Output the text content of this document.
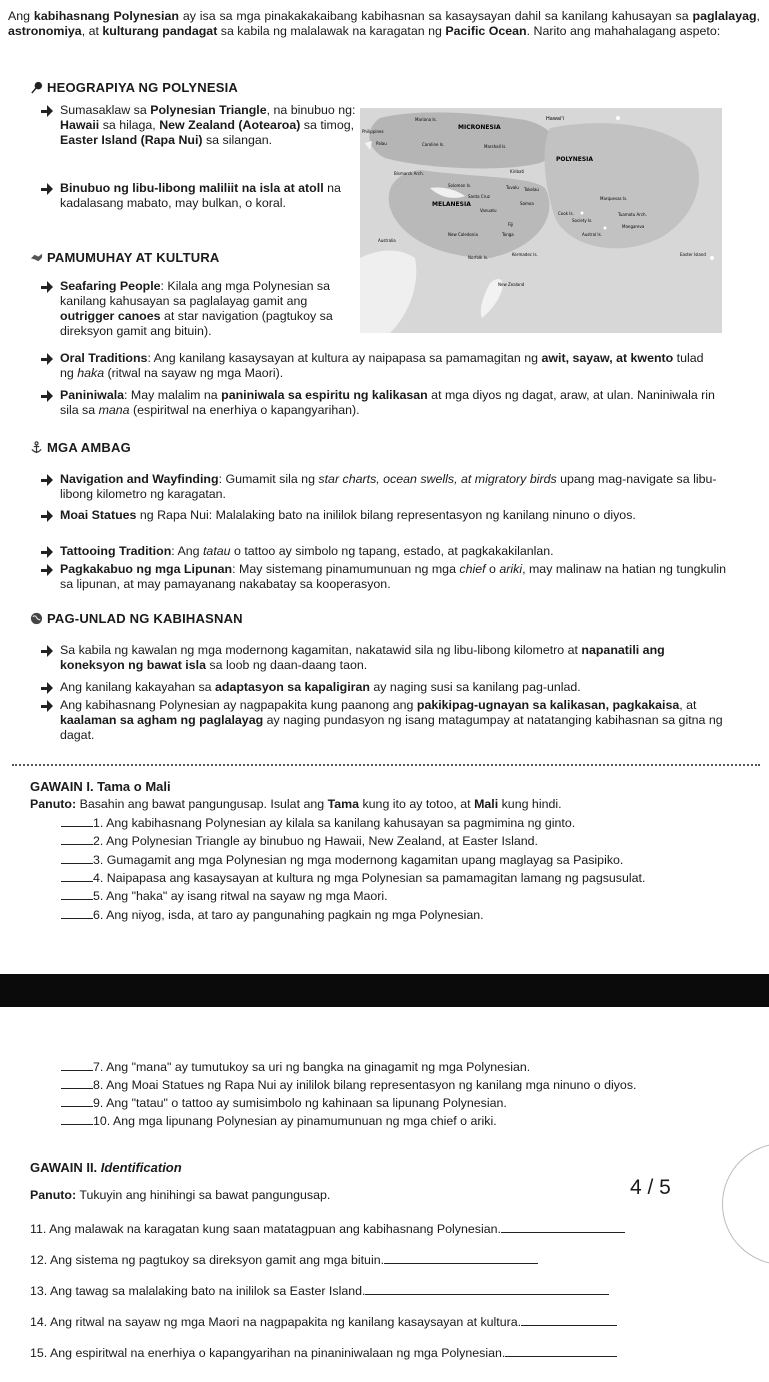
Ang kabihasnang Polynesian ay isa sa mga pinakakakaibang kabihasnan sa kasaysayan dahil sa kanilang kahusayan sa paglalayag, astronomiya, at kulturang pandagat sa kabila ng malalawak na karagatan ng Pacific Ocean. Narito ang mahahalagang aspeto:
HEOGRAPIYA NG POLYNESIA
Sumasaklaw sa Polynesian Triangle, na binubuo ng: Hawaii sa hilaga, New Zealand (Aotearoa) sa timog, Easter Island (Rapa Nui) sa silangan.
Binubuo ng libu-libong maliliit na isla at atoll na kadalasang mabato, may bulkan, o koral.
Hawai'i
MICRONESIA
Mariana Is.
Philippines
Caroline Is.	Marshall Is.
Palau
Kiribati
POLYNESIA
Bismarck Arch.
Solomon Is.	Tuvalu Tokelau
MELANESIA
Santa Cruz
Vanuatu
Samoa
Marquesas Is.
Tuamotu Arch.
Fiji
Society Is.
Cook Is.
Mangareva
Australia
New Caledonia	Tonga	Austral Is.
Norfolk Is.
Kermadec Is.	Easter Island
New Zealand
PAMUMUHAY AT KULTURA
Seafaring People: Kilala ang mga Polynesian sa kanilang kahusayan sa paglalayag gamit ang outrigger canoes at star navigation (pagtukoy sa direksyon gamit ang bituin).
Oral Traditions: Ang kanilang kasaysayan at kultura ay naipapasa sa pamamagitan ng awit, sayaw, at kwento tulad ng haka (ritwal na sayaw ng mga Maori).
Paniniwala: May malalim na paniniwala sa espiritu ng kalikasan at mga diyos ng dagat, araw, at ulan. Naniniwala rin sila sa mana (espiritwal na enerhiya o kapangyarihan).
MGA AMBAG
Navigation and Wayfinding: Gumamit sila ng star charts, ocean swells, at migratory birds upang mag-navigate sa libu-libong kilometro ng karagatan.
Moai Statues ng Rapa Nui: Malalaking bato na inililok bilang representasyon ng kanilang ninuno o diyos.
Tattooing Tradition: Ang tatau o tattoo ay simbolo ng tapang, estado, at pagkakakilanlan.
Pagkakabuo ng mga Lipunan: May sistemang pinamumunuan ng mga chief o ariki, may malinaw na hatian ng tungkulin sa lipunan, at may pamayanang nakabatay sa kooperasyon.
PAG-UNLAD NG KABIHASNAN
Sa kabila ng kawalan ng mga modernong kagamitan, nakatawid sila ng libu-libong kilometro at napanatili ang koneksyon ng bawat isla sa loob ng daan-daang taon.
Ang kanilang kakayahan sa adaptasyon sa kapaligiran ay naging susi sa kanilang pag-unlad.
Ang kabihasnang Polynesian ay nagpapakita kung paanong ang pakikipag-ugnayan sa kalikasan, pagkakaisa, at kaalaman sa agham ng paglalayag ay naging pundasyon ng isang matagumpay at natatanging kabihasnan sa gitna ng dagat.
GAWAIN I. Tama o Mali
Panuto: Basahin ang bawat pangungusap. Isulat ang Tama kung ito ay totoo, at Mali kung hindi.
1. Ang kabihasnang Polynesian ay kilala sa kanilang kahusayan sa pagmimina ng ginto.
2. Ang Polynesian Triangle ay binubuo ng Hawaii, New Zealand, at Easter Island.
3. Gumagamit ang mga Polynesian ng mga modernong kagamitan upang maglayag sa Pasipiko.
4. Naipapasa ang kasaysayan at kultura ng mga Polynesian sa pamamagitan lamang ng pagsusulat.
5. Ang "haka" ay isang ritwal na sayaw ng mga Maori.
6. Ang niyog, isda, at taro ay pangunahing pagkain ng mga Polynesian.
7. Ang "mana" ay tumutukoy sa uri ng bangka na ginagamit ng mga Polynesian.
8. Ang Moai Statues ng Rapa Nui ay inililok bilang representasyon ng kanilang mga ninuno o diyos.
9. Ang "tatau" o tattoo ay sumisimbolo ng kahinaan sa lipunang Polynesian.
10. Ang mga lipunang Polynesian ay pinamumunuan ng mga chief o ariki.
GAWAIN II. Identification
Panuto: Tukuyin ang hinihingi sa bawat pangungusap.
11. Ang malawak na karagatan kung saan matatagpuan ang kabihasnang Polynesian.
12. Ang sistema ng pagtukoy sa direksyon gamit ang mga bituin.
13. Ang tawag sa malalaking bato na inililok sa Easter Island.
14. Ang ritwal na sayaw ng mga Maori na nagpapakita ng kanilang kasaysayan at kultura.
15. Ang espiritwal na enerhiya o kapangyarihan na pinaniniwalaan ng mga Polynesian.
4 / 5
